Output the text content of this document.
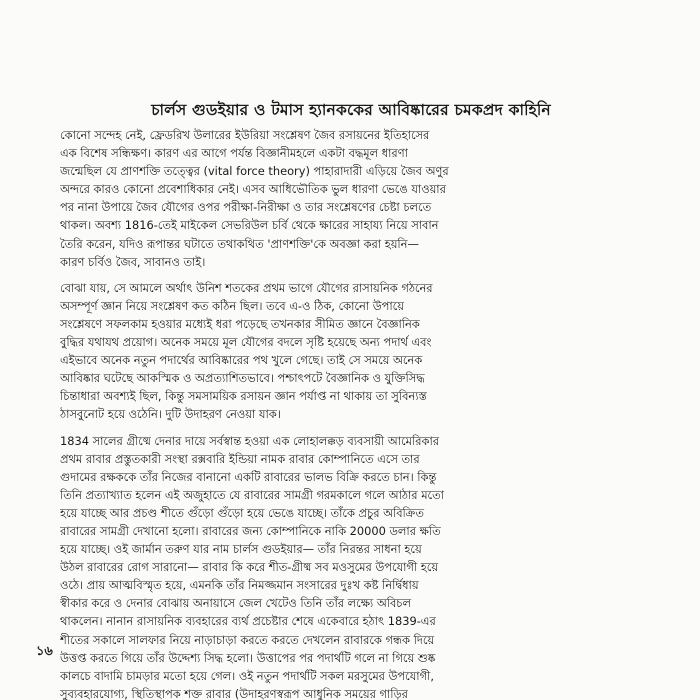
চার্লস গুডইয়ার ও টমাস হ্যানককের আবিষ্কারের চমকপ্রদ কাহিনি
কোনো সন্দেহ নেই, ফ্রেডরিখ উলারের ইউরিয়া সংশ্লেষণ জৈব রসায়নের ইতিহাসের
এক বিশেষ সন্ধিক্ষণ। কারণ এর আগে পর্যন্ত বিজ্ঞানীমহলে একটা বদ্ধমূল ধারণা
জন্মেছিল যে প্রাণশক্তি তত্ত্বের (vital force theory) পাহারাদারী এড়িয়ে জৈব অণুর
অন্দরে কারও কোনো প্রবেশাধিকার নেই। এসব আধিভৌতিক ভুল ধারণা ভেঙে যাওয়ার
পর নানা উপায়ে জৈব যৌগের ওপর পরীক্ষা-নিরীক্ষা ও তার সংশ্লেষণের চেষ্টা চলতে
থাকল। অবশ্য 1816-তেই মাইকেল সেভরিউল চর্বি থেকে ক্ষারের সাহায্য নিয়ে সাবান
তৈরি করেন, যদিও রূপান্তর ঘটাতে তথাকথিত 'প্রাণশক্তি'কে অবজ্ঞা করা হয়নি—
কারণ চর্বিও জৈব, সাবানও তাই।
বোঝা যায়, সে আমলে অর্থাৎ উনিশ শতকের প্রথম ভাগে যৌগের রাসায়নিক গঠনের
অসম্পূর্ণ জ্ঞান নিয়ে সংশ্লেষণ কত কঠিন ছিল। তবে এ-ও ঠিক, কোনো উপায়ে
সংশ্লেষণে সফলকাম হওয়ার মধ্যেই ধরা পড়েছে তখনকার সীমিত জ্ঞানে বৈজ্ঞানিক
বুদ্ধির যথাযথ প্রয়োগ। অনেক সময়ে মূল যৌগের বদলে সৃষ্টি হয়েছে অন্য পদার্থ এবং
এইভাবে অনেক নতুন পদার্থের আবিষ্কারের পথ খুলে গেছে। তাই সে সময়ে অনেক
আবিষ্কার ঘটেছে আকস্মিক ও অপ্রত্যাশিতভাবে। পশ্চাৎপটে বৈজ্ঞানিক ও যুক্তিসিদ্ধ
চিন্তাধারা অবশ্যই ছিল, কিন্তু সমসাময়িক রসায়ন জ্ঞান পর্যাপ্ত না থাকায় তা সুবিন্যস্ত
ঠাসবুনোট হয়ে ওঠেনি। দুটি উদাহরণ নেওয়া যাক।
1834 সালের গ্রীষ্মে দেনার দায়ে সর্বস্বান্ত হওয়া এক লোহালক্কড় ব্যবসায়ী আমেরিকার
প্রথম রাবার প্রস্তুতকারী সংস্থা রক্সবারি ইন্ডিয়া নামক রাবার কোম্পানিতে এসে তার
গুদামের রক্ষককে তাঁর নিজের বানানো একটি রাবারের ভালভ বিক্রি করতে চান। কিন্তু
তিনি প্রত্যাখ্যাত হলেন এই অজুহাতে যে রাবারের সামগ্রী গরমকালে গলে আঠার মতো
হয়ে যাচ্ছে আর প্রচণ্ড শীতে গুঁড়ো গুঁড়ো হয়ে ভেঙে যাচ্ছে। তাঁকে প্রচুর অবিক্রিত
রাবারের সামগ্রী দেখানো হলো। রাবারের জন্য কোম্পানিকে নাকি 20000 ডলার ক্ষতি
হয়ে যাচ্ছে। ওই জার্মান তরুণ যার নাম চার্লস গুডইয়ার— তাঁর নিরন্তর সাধনা হয়ে
উঠল রাবারের রোগ সারানো— রাবার কি করে শীত-গ্রীষ্ম সব মওসুমের উপযোগী হয়ে
ওঠে। প্রায় আত্মবিস্মৃত হয়ে, এমনকি তাঁর নিমজ্জমান সংসারের দুঃখ কষ্ট নির্দ্বিধায়
স্বীকার করে ও দেনার বোঝায় অনায়াসে জেল খেটেও তিনি তাঁর লক্ষ্যে অবিচল
থাকলেন। নানান রাসায়নিক ব্যবহারের ব্যর্থ প্রচেষ্টার শেষে একেবারে হঠাৎ 1839-এর
শীতের সকালে সালফার নিয়ে নাড়াচাড়া করতে করতে দেখলেন রাবারকে গন্ধক দিয়ে
উত্তপ্ত করতে গিয়ে তাঁর উদ্দেশ্য সিদ্ধ হলো। উত্তাপের পর পদার্থটি গলে না গিয়ে শুষ্ক
কালচে বাদামি চামড়ার মতো হয়ে গেল। ওই নতুন পদার্থটি সকল মরসুমের উপযোগী,
সুব্যবহারযোগ্য, স্থিতিস্থাপক শক্ত রাবার (উদাহরণস্বরূপ আধুনিক সময়ের গাড়ির
১৬
